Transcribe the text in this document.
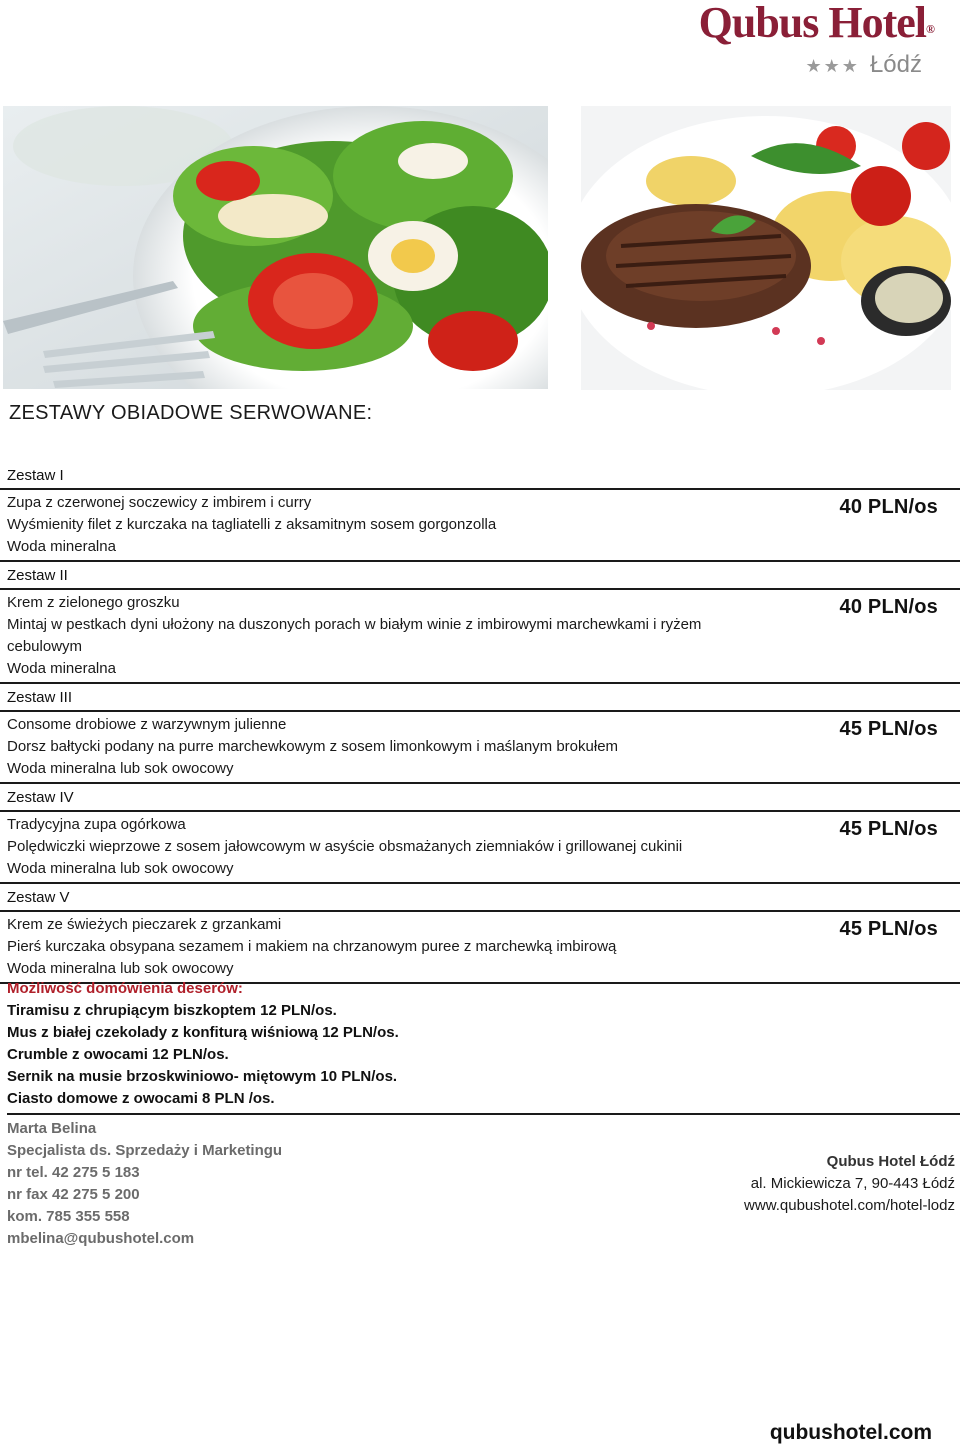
Qubus Hotel®
★★★ Łódź
ZESTAWY OBIADOWE SERWOWANE:
Zestaw I
Zupa z czerwonej soczewicy z imbirem i curry
Wyśmienity filet z kurczaka na tagliatelli z aksamitnym sosem gorgonzolla
Woda mineralna
40 PLN/os
Zestaw II
Krem z zielonego groszku
Mintaj w pestkach dyni ułożony na duszonych porach w białym winie z imbirowymi marchewkami i ryżem cebulowym
Woda mineralna
40 PLN/os
Zestaw III
Consome drobiowe z warzywnym julienne
Dorsz bałtycki podany na purre marchewkowym z sosem limonkowym i maślanym brokułem
Woda mineralna lub sok owocowy
45 PLN/os
Zestaw IV
Tradycyjna zupa ogórkowa
Polędwiczki wieprzowe z sosem jałowcowym w asyście obsmażanych ziemniaków i grillowanej cukinii
Woda mineralna lub sok owocowy
45 PLN/os
Zestaw V
Krem ze świeżych pieczarek z grzankami
Pierś kurczaka obsypana sezamem i makiem na chrzanowym puree z marchewką imbirową
Woda mineralna lub sok owocowy
45 PLN/os
Możliwość domówienia deserów:
Tiramisu z chrupiącym biszkoptem 12 PLN/os.
Mus z białej czekolady z konfiturą wiśniową 12 PLN/os.
Crumble z owocami 12 PLN/os.
Sernik na musie brzoskwiniowo- miętowym 10 PLN/os.
Ciasto domowe z owocami 8 PLN /os.
Marta Belina
Specjalista ds. Sprzedaży i Marketingu
nr tel. 42 275 5 183
nr fax 42 275 5 200
kom. 785 355 558
mbelina@qubushotel.com
Qubus Hotel Łódź
al. Mickiewicza 7, 90-443 Łódź
www.qubushotel.com/hotel-lodz
qubushotel.com
